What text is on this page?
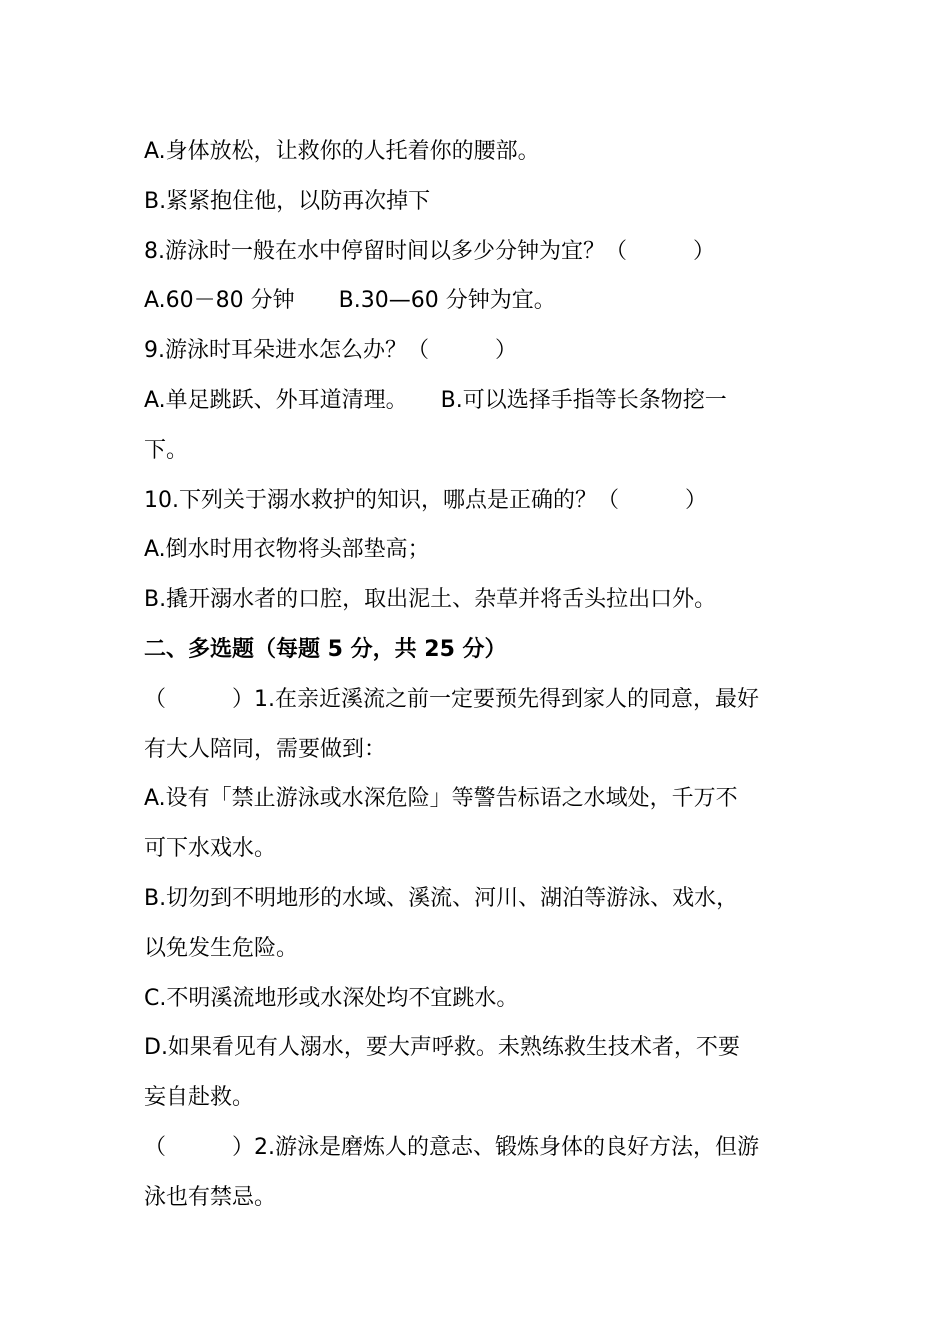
A.身体放松，让救你的人托着你的腰部。
B.紧紧抱住他，以防再次掉下
8.游泳时一般在水中停留时间以多少分钟为宜？（　　　）
A.60－80 分钟　　B.30—60 分钟为宜。
9.游泳时耳朵进水怎么办？（　　　）
A.单足跳跃、外耳道清理。　　B.可以选择手指等长条物挖一
下。
10.下列关于溺水救护的知识，哪点是正确的？（　　　）
A.倒水时用衣物将头部垫高；
B.撬开溺水者的口腔，取出泥土、杂草并将舌头拉出口外。
二、多选题（每题 5 分，共 25 分）
（　　　）1.在亲近溪流之前一定要预先得到家人的同意，最好
有大人陪同，需要做到：
A.设有「禁止游泳或水深危险」等警告标语之水域处，千万不
可下水戏水。
B.切勿到不明地形的水域、溪流、河川、湖泊等游泳、戏水，
以免发生危险。
C.不明溪流地形或水深处均不宜跳水。
D.如果看见有人溺水，要大声呼救。未熟练救生技术者，不要
妄自赴救。
（　　　）2.游泳是磨炼人的意志、锻炼身体的良好方法，但游
泳也有禁忌。
